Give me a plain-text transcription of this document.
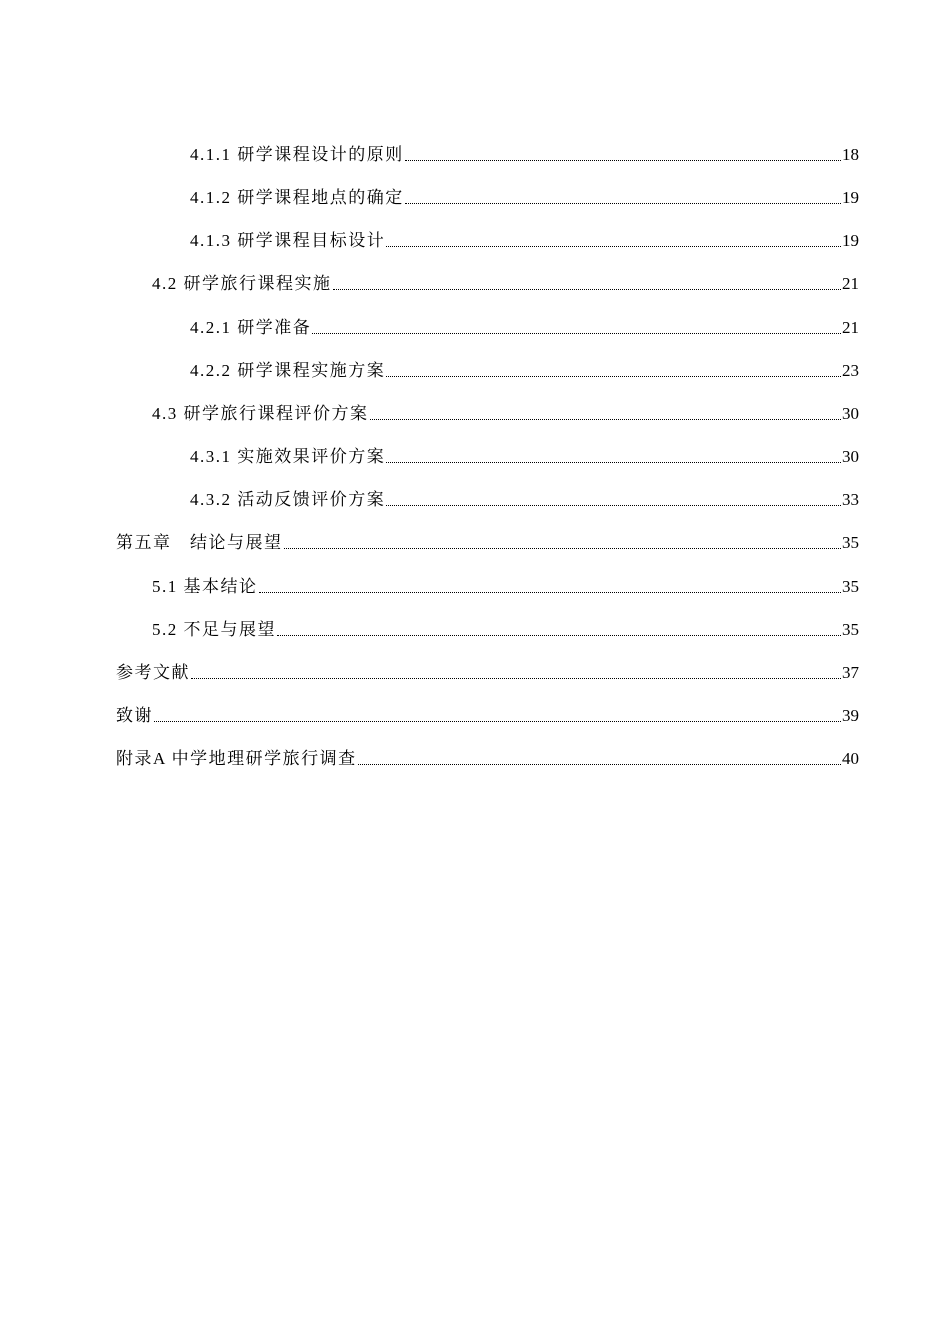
4.1.1 研学课程设计的原则	18
4.1.2 研学课程地点的确定	19
4.1.3 研学课程目标设计	19
4.2 研学旅行课程实施	21
4.2.1 研学准备	21
4.2.2 研学课程实施方案	23
4.3 研学旅行课程评价方案	30
4.3.1 实施效果评价方案	30
4.3.2 活动反馈评价方案	33
第五章　结论与展望	35
5.1 基本结论	35
5.2 不足与展望	35
参考文献	37
致谢	39
附录A 中学地理研学旅行调查	40
